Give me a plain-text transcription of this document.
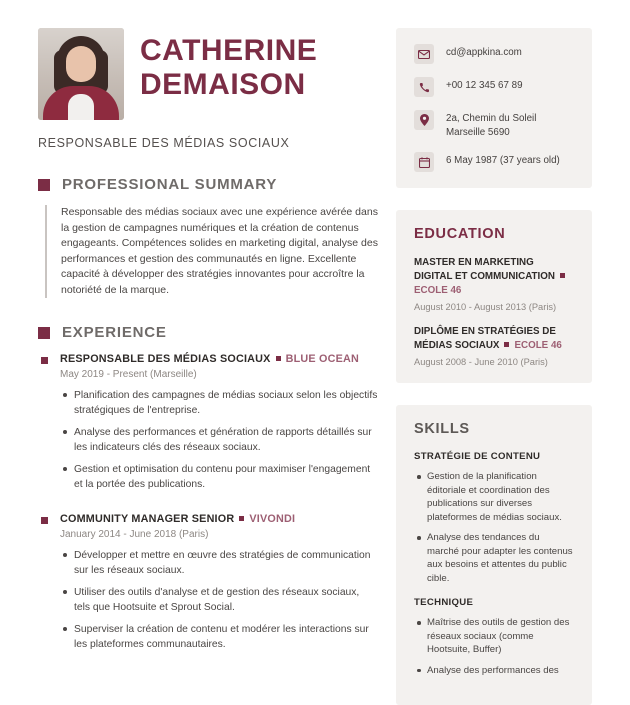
CATHERINE
DEMAISON
RESPONSABLE DES MÉDIAS SOCIAUX
PROFESSIONAL SUMMARY
Responsable des médias sociaux avec une expérience avérée dans la gestion de campagnes numériques et la création de contenus engageants. Compétences solides en marketing digital, analyse des performances et gestion des communautés en ligne. Excellente capacité à développer des stratégies innovantes pour accroître la notoriété de la marque.
EXPERIENCE
RESPONSABLE DES MÉDIAS SOCIAUX BLUE OCEAN
May 2019 - Present (Marseille)
Planification des campagnes de médias sociaux selon les objectifs stratégiques de l'entreprise.
Analyse des performances et génération de rapports détaillés sur les indicateurs clés des réseaux sociaux.
Gestion et optimisation du contenu pour maximiser l'engagement et la portée des publications.
COMMUNITY MANAGER SENIOR VIVONDI
January 2014 - June 2018 (Paris)
Développer et mettre en œuvre des stratégies de communication sur les réseaux sociaux.
Utiliser des outils d'analyse et de gestion des réseaux sociaux, tels que Hootsuite et Sprout Social.
Superviser la création de contenu et modérer les interactions sur les plateformes communautaires.
cd@appkina.com
+00 12 345 67 89
2a, Chemin du Soleil
Marseille 5690
6 May 1987 (37 years old)
EDUCATION
MASTER EN MARKETING DIGITAL ET COMMUNICATIONECOLE 46
August 2010 - August 2013 (Paris)
DIPLÔME EN STRATÉGIES DE MÉDIAS SOCIAUX ECOLE 46
August 2008 - June 2010 (Paris)
SKILLS
STRATÉGIE DE CONTENU
Gestion de la planification éditoriale et coordination des publications sur diverses plateformes de médias sociaux.
Analyse des tendances du marché pour adapter les contenus aux besoins et attentes du public cible.
TECHNIQUE
Maîtrise des outils de gestion des réseaux sociaux (comme Hootsuite, Buffer)
Analyse des performances des
